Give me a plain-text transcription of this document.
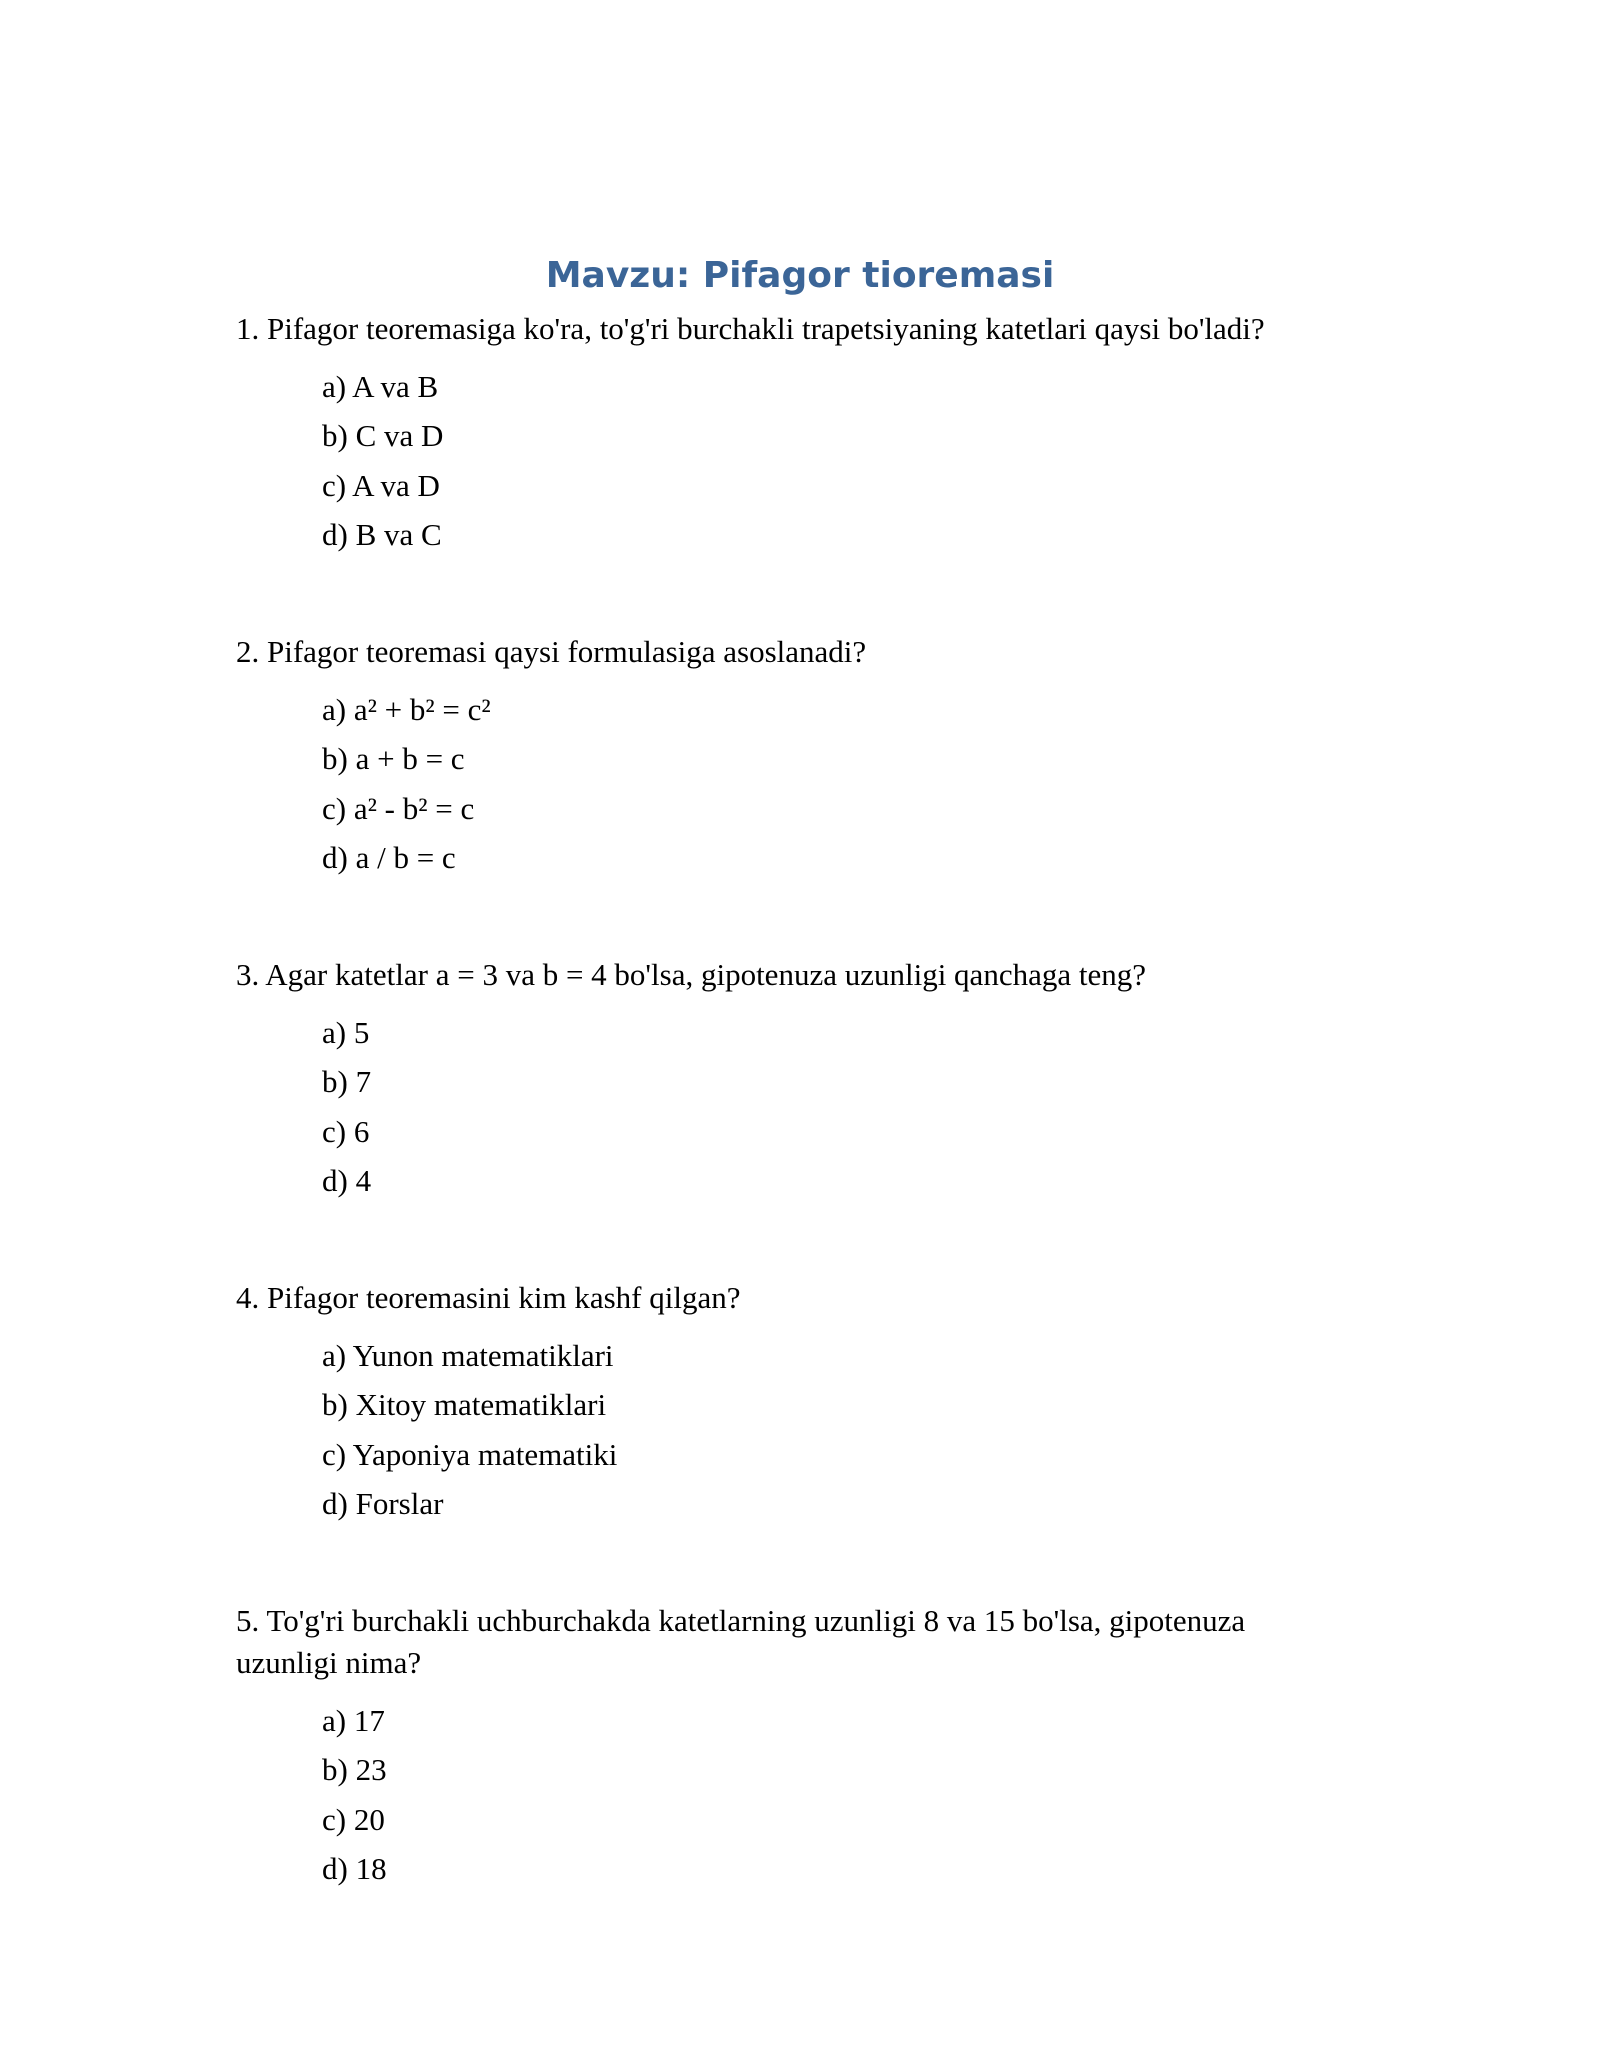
Mavzu: Pifagor tioremasi
1. Pifagor teoremasiga ko'ra, to'g'ri burchakli trapetsiyaning katetlari qaysi bo'ladi?
a) A va B
b) C va D
c) A va D
d) B va C
2. Pifagor teoremasi qaysi formulasiga asoslanadi?
a) a² + b² = c²
b) a + b = c
c) a² - b² = c
d) a / b = c
3. Agar katetlar a = 3 va b = 4 bo'lsa, gipotenuza uzunligi qanchaga teng?
a) 5
b) 7
c) 6
d) 4
4. Pifagor teoremasini kim kashf qilgan?
a) Yunon matematiklari
b) Xitoy matematiklari
c) Yaponiya matematiki
d) Forslar
5. To'g'ri burchakli uchburchakda katetlarning uzunligi 8 va 15 bo'lsa, gipotenuza uzunligi nima?
a) 17
b) 23
c) 20
d) 18
